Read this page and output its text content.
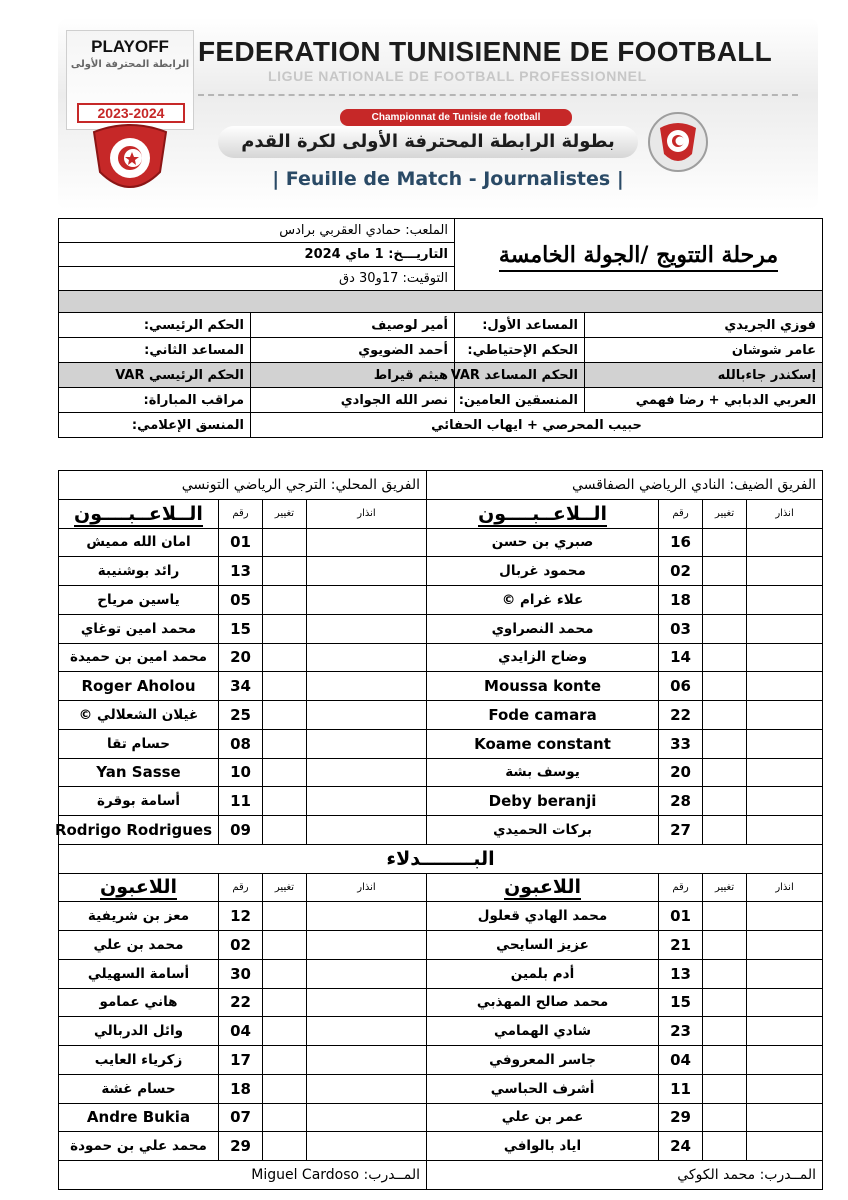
PLAYOFF
الرابطة المحترفة الأولى
2023-2024
FEDERATION TUNISIENNE DE FOOTBALL
LIGUE NATIONALE DE FOOTBALL PROFESSIONNEL
Championnat de Tunisie de football
بطولة الرابطة المحترفة الأولى لكرة القدم
| Feuille de Match - Journalistes |
الملعب: حمادي العقربي برادس		مرحلة التتويج /الجولة الخامسة	
التاريـــخ: 1 ماي 2024			
التوقيت: 17و30 دق			

الحكم الرئيسي:	أمير لوصيف	المساعد الأول:	فوزي الجريدي
المساعد الثاني:	أحمد الضويوي	الحكم الإحتياطي:	عامر شوشان
الحكم الرئيسي VAR	هيثم قيراط	الحكم المساعد VAR	إسكندر جاءبالله
مراقب المباراة:	نصر الله الجوادي	المنسقين العامين:	العربي الدبابي + رضا فهمي
المنسق الإعلامي:	حبيب المحرصي + ايهاب الحفائي		
الفريق المحلي: الترجي الرياضي التونسي				الفريق الضيف: النادي الرياضي الصفاقسي			
الــلاعــبــــون	رقم	تغيير	انذار	الــلاعــبــــون	رقم	تغيير	انذار
امان الله مميش	01			صبري بن حسن	16		
رائد بوشنيبة	13			محمود غربال	02		
ياسين مرياح	05			علاء غرام ©	18		
محمد امين توغاي	15			محمد النصراوي	03		
محمد امين بن حميدة	20			وضاح الزايدي	14		
Roger Aholou	34			Moussa konte	06		
غيلان الشعلالي ©	25			Fode camara	22		
حسام تقا	08			Koame constant	33		
Yan Sasse	10			يوسف بشة	20		
أسامة بوقرة	11			Deby beranji	28		
Rodrigo Rodrigues	09			بركات الحميدي	27		
البــــــــدلاء							
اللاعبون	رقم	تغيير	انذار	اللاعبون	رقم	تغيير	انذار
معز بن شريفية	12			محمد الهادي قعلول	01		
محمد بن علي	02			عزيز السايحي	21		
أسامة السهيلي	30			أدم بلمين	13		
هاني عمامو	22			محمد صالح المهذبي	15		
وائل الدربالي	04			شادي الهمامي	23		
زكرياء العايب	17			جاسر المعروفي	04		
حسام غشة	18			أشرف الحباسي	11		
Andre Bukia	07			عمر بن علي	29		
محمد علي بن حمودة	29			اياد بالوافي	24		
المــدرب: Miguel Cardoso				المــدرب: محمد الكوكي			
